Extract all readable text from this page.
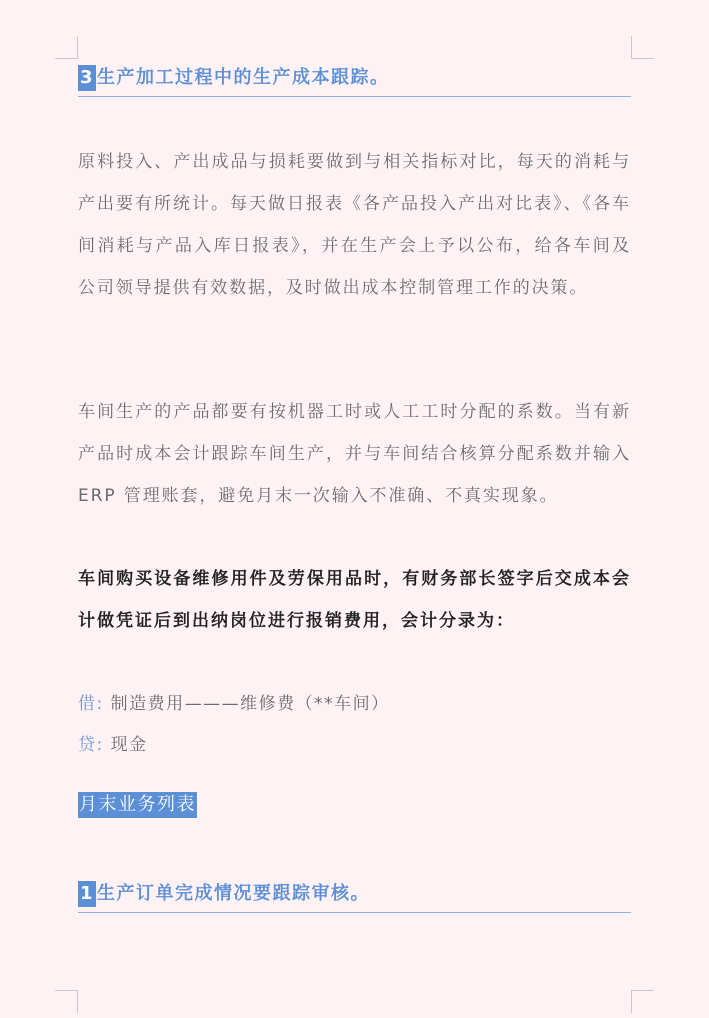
3 生产加工过程中的生产成本跟踪。

原料投入、产出成品与损耗要做到与相关指标对比，每天的消耗与产出要有所统计。每天做日报表《各产品投入产出对比表》、《各车间消耗与产品入库日报表》，并在生产会上予以公布，给各车间及公司领导提供有效数据，及时做出成本控制管理工作的决策。

车间生产的产品都要有按机器工时或人工工时分配的系数。当有新产品时成本会计跟踪车间生产，并与车间结合核算分配系数并输入 ERP 管理账套，避免月末一次输入不准确、不真实现象。

车间购买设备维修用件及劳保用品时，有财务部长签字后交成本会计做凭证后到出纳岗位进行报销费用，会计分录为：

借: 制造费用———维修费（**车间）
贷: 现金
月末业务列表
1 生产订单完成情况要跟踪审核。
